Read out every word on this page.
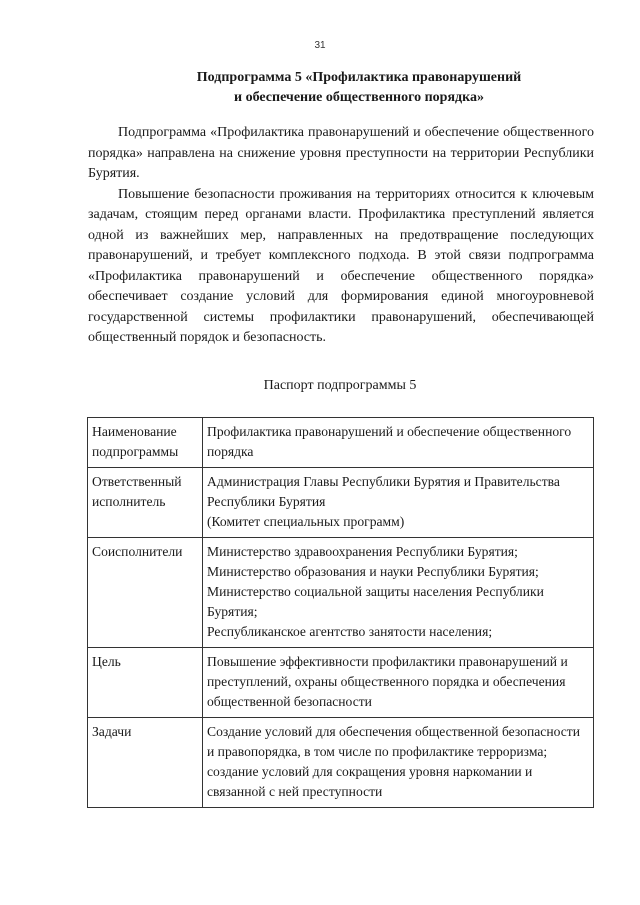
31
Подпрограмма 5 «Профилактика правонарушений
и обеспечение общественного порядка»

Подпрограмма «Профилактика правонарушений и обеспечение общественного порядка» направлена на снижение уровня преступности на территории Республики Бурятия.

Повышение безопасности проживания на территориях относится к ключевым задачам, стоящим перед органами власти. Профилактика преступлений является одной из важнейших мер, направленных на предотвращение последующих правонарушений, и требует комплексного подхода. В этой связи подпрограмма «Профилактика правонарушений и обеспечение общественного порядка» обеспечивает создание условий для формирования единой многоуровневой государственной системы профилактики правонарушений, обеспечивающей общественный порядок и безопасность.

Паспорт подпрограммы 5
Наименование подпрограммы	Профилактика правонарушений и обеспечение общественного порядка

Ответственный исполнитель	Администрация Главы Республики Бурятия и Правительства Республики Бурятия
(Комитет специальных программ)

Соисполнители	Министерство здравоохранения Республики Бурятия;
Министерство образования и науки Республики Бурятия;
Министерство социальной защиты населения Республики Бурятия;
Республиканское агентство занятости населения;

Цель	Повышение эффективности профилактики правонарушений и преступлений, охраны общественного порядка и обеспечения общественной безопасности

Задачи	Создание условий для обеспечения общественной безопасности и правопорядка, в том числе по профилактике терроризма;
создание условий для сокращения уровня наркомании и связанной с ней преступности
